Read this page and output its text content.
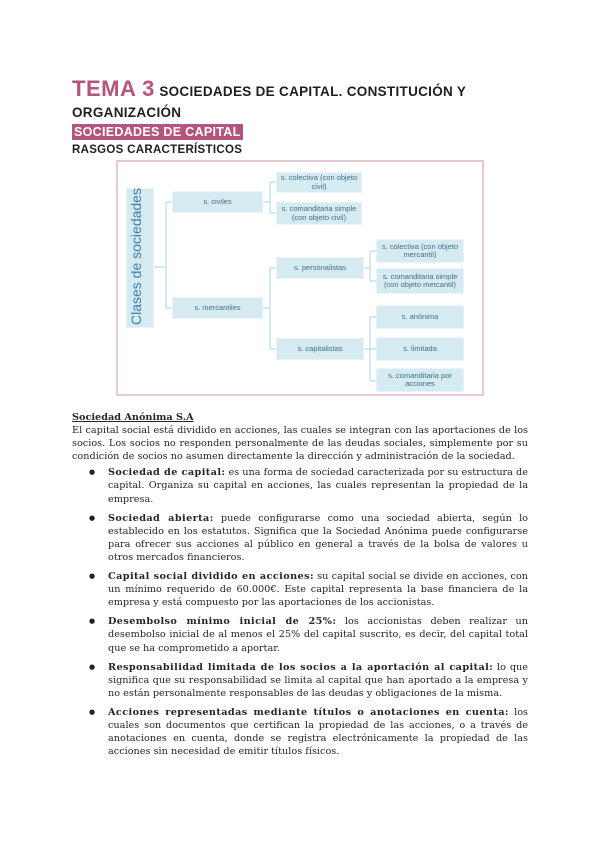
TEMA 3 SOCIEDADES DE CAPITAL. CONSTITUCIÓN Y
ORGANIZACIÓN
SOCIEDADES DE CAPITAL
RASGOS CARACTERÍSTICOS
Clases de sociedades	s. civiles
s. colectiva (con objeto civil)
s. comanditaria simple (con objeto civil)
s. mercantiles
s. personalistas
s. colectiva (con objeto mercantil)
s. comanditaria simple (con objeto mercantil)
s. capitalistas
s. anónima
s. limitada
s. comanditaria por acciones
Sociedad Anónima S.A

El capital social está dividido en acciones, las cuales se integran con las aportaciones de los socios. Los socios no responden personalmente de las deudas sociales, simplemente por su condición de socios no asumen directamente la dirección y administración de la sociedad.

● Sociedad de capital: es una forma de sociedad caracterizada por su estructura de capital. Organiza su capital en acciones, las cuales representan la propiedad de la empresa.
● Sociedad abierta: puede configurarse como una sociedad abierta, según lo establecido en los estatutos. Significa que la Sociedad Anónima puede configurarse para ofrecer sus acciones al público en general a través de la bolsa de valores u otros mercados financieros.
● Capital social dividido en acciones: su capital social se divide en acciones, con un mínimo requerido de 60.000€. Este capital representa la base financiera de la empresa y está compuesto por las aportaciones de los accionistas.
● Desembolso mínimo inicial de 25%: los accionistas deben realizar un desembolso inicial de al menos el 25% del capital suscrito, es decir, del capital total que se ha comprometido a aportar.
● Responsabilidad limitada de los socios a la aportación al capital: lo que significa que su responsabilidad se limita al capital que han aportado a la empresa y no están personalmente responsables de las deudas y obligaciones de la misma.
● Acciones representadas mediante títulos o anotaciones en cuenta: los cuales son documentos que certifican la propiedad de las acciones, o a través de anotaciones en cuenta, donde se registra electrónicamente la propiedad de las acciones sin necesidad de emitir títulos físicos.
